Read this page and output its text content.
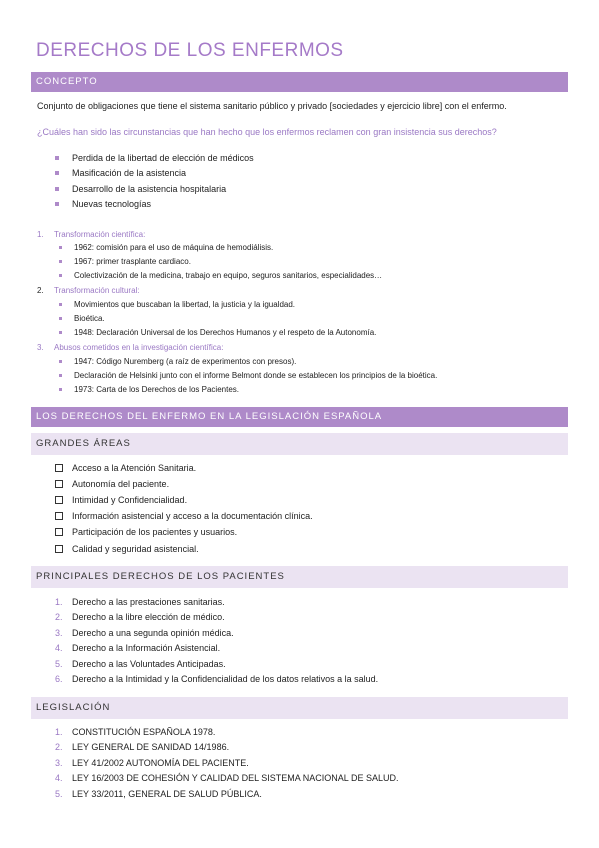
DERECHOS DE LOS ENFERMOS
CONCEPTO
Conjunto de obligaciones que tiene el sistema sanitario público y privado [sociedades y ejercicio libre] con el enfermo.
¿Cuáles han sido las circunstancias que han hecho que los enfermos reclamen con gran insistencia sus derechos?
Perdida de la libertad de elección de médicos
Masificación de la asistencia
Desarrollo de la asistencia hospitalaria
Nuevas tecnologías
1. Transformación científica:
1962: comisión para el uso de máquina de hemodiálisis.
1967: primer trasplante cardiaco.
Colectivización de la medicina, trabajo en equipo, seguros sanitarios, especialidades…
2. Transformación cultural:
Movimientos que buscaban la libertad, la justicia y la igualdad.
Bioética.
1948: Declaración Universal de los Derechos Humanos y el respeto de la Autonomía.
3. Abusos cometidos en la investigación científica:
1947: Código Nuremberg (a raíz de experimentos con presos).
Declaración de Helsinki junto con el informe Belmont donde se establecen los principios de la bioética.
1973: Carta de los Derechos de los Pacientes.
LOS DERECHOS DEL ENFERMO EN LA LEGISLACIÓN ESPAÑOLA
GRANDES ÁREAS
Acceso a la Atención Sanitaria.
Autonomía del paciente.
Intimidad y Confidencialidad.
Información asistencial y acceso a la documentación clínica.
Participación de los pacientes y usuarios.
Calidad y seguridad asistencial.
PRINCIPALES DERECHOS DE LOS PACIENTES
1. Derecho a las prestaciones sanitarias.
2. Derecho a la libre elección de médico.
3. Derecho a una segunda opinión médica.
4. Derecho a la Información Asistencial.
5. Derecho a las Voluntades Anticipadas.
6. Derecho a la Intimidad y la Confidencialidad de los datos relativos a la salud.
LEGISLACIÓN
1. CONSTITUCIÓN ESPAÑOLA 1978.
2. LEY GENERAL DE SANIDAD 14/1986.
3. LEY 41/2002 AUTONOMÍA DEL PACIENTE.
4. LEY 16/2003 DE COHESIÓN Y CALIDAD DEL SISTEMA NACIONAL DE SALUD.
5. LEY 33/2011, GENERAL DE SALUD PÚBLICA.
